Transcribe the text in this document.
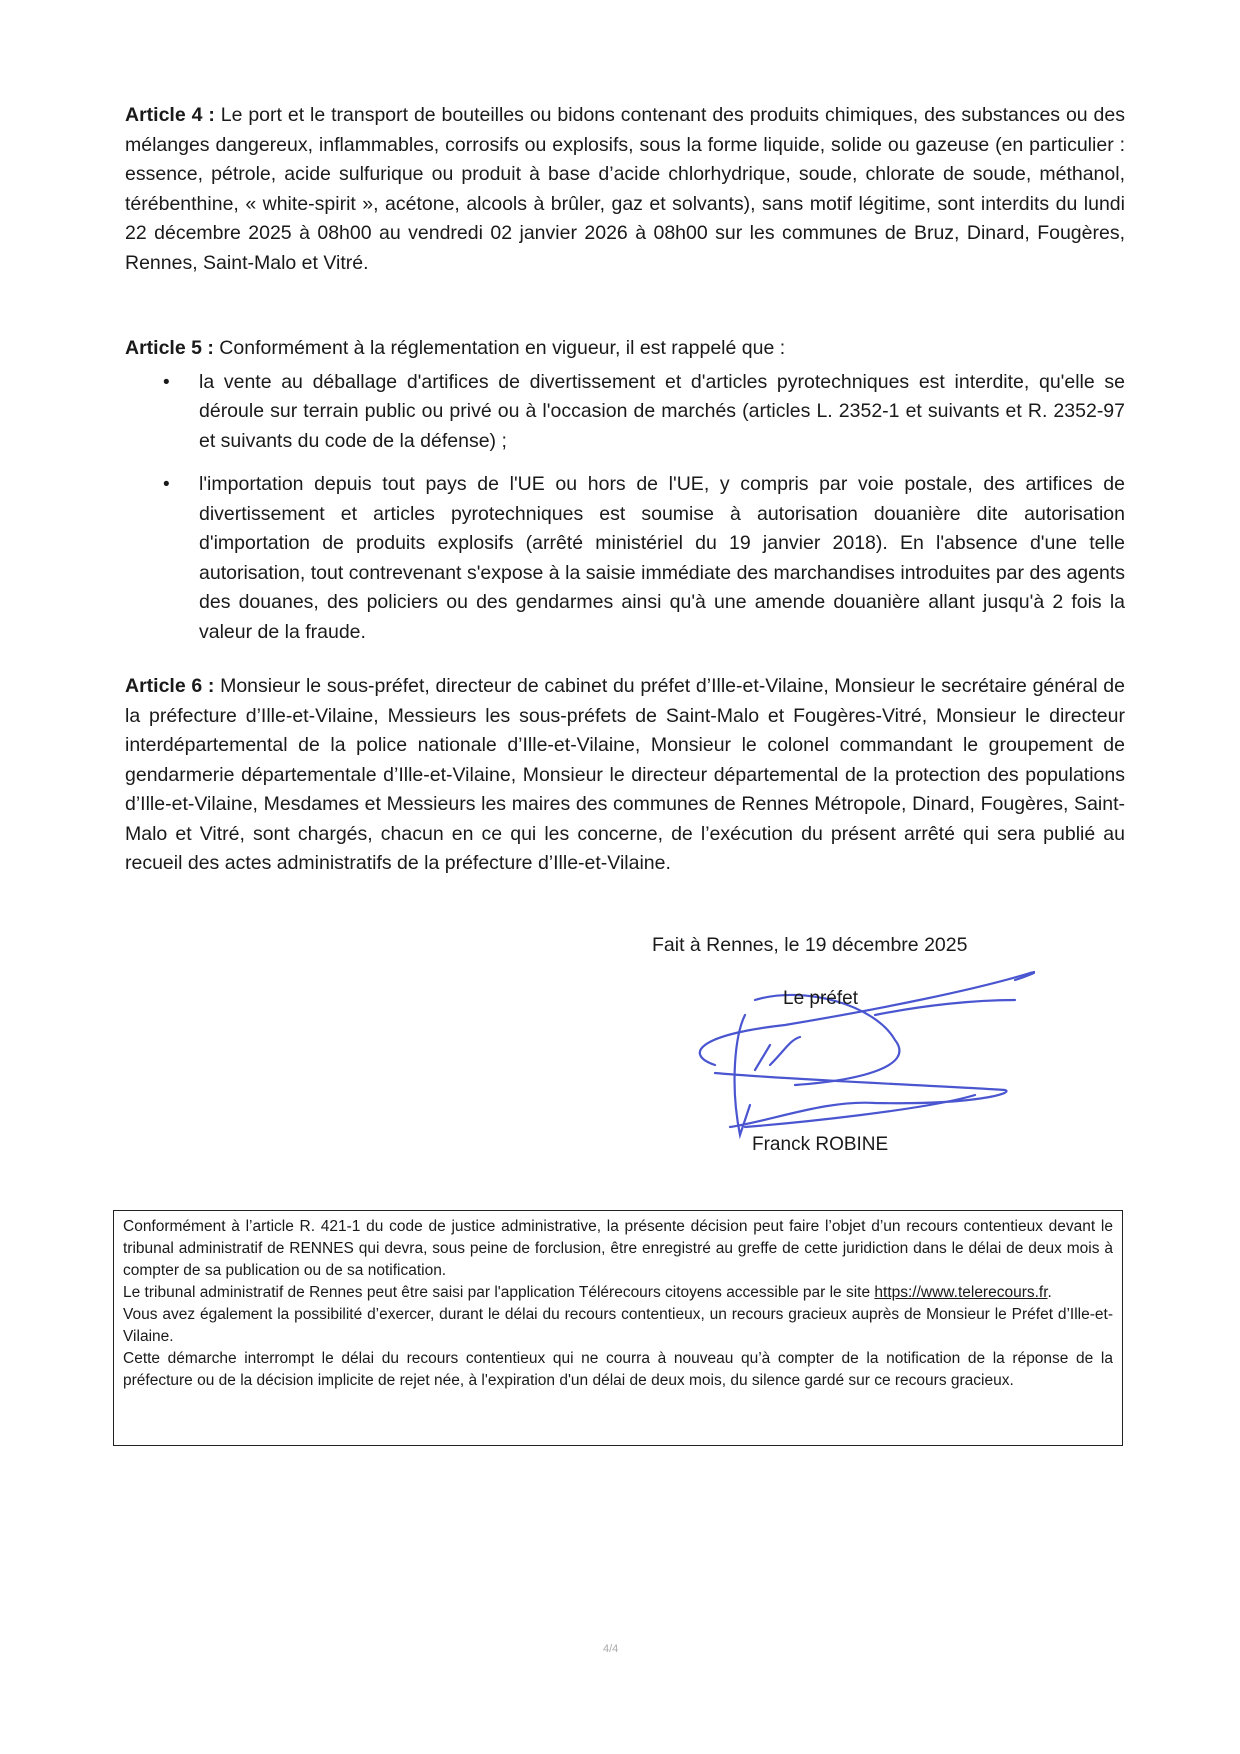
Article 4 : Le port et le transport de bouteilles ou bidons contenant des produits chimiques, des substances ou des mélanges dangereux, inflammables, corrosifs ou explosifs, sous la forme liquide, solide ou gazeuse (en particulier : essence, pétrole, acide sulfurique ou produit à base d’acide chlorhydrique, soude, chlorate de soude, méthanol, térébenthine, « white-spirit », acétone, alcools à brûler, gaz et solvants), sans motif légitime, sont interdits du lundi 22 décembre 2025 à 08h00 au vendredi 02 janvier 2026 à 08h00 sur les communes de Bruz, Dinard, Fougères, Rennes, Saint-Malo et Vitré.
Article 5 : Conformément à la réglementation en vigueur, il est rappelé que :
• la vente au déballage d'artifices de divertissement et d'articles pyrotechniques est interdite, qu'elle se déroule sur terrain public ou privé ou à l'occasion de marchés (articles L. 2352-1 et suivants et R. 2352-97 et suivants du code de la défense) ;
• l'importation depuis tout pays de l'UE ou hors de l'UE, y compris par voie postale, des artifices de divertissement et articles pyrotechniques est soumise à autorisation douanière dite autorisation d'importation de produits explosifs (arrêté ministériel du 19 janvier 2018). En l'absence d'une telle autorisation, tout contrevenant s'expose à la saisie immédiate des marchandises introduites par des agents des douanes, des policiers ou des gendarmes ainsi qu'à une amende douanière allant jusqu'à 2 fois la valeur de la fraude.
Article 6 : Monsieur le sous-préfet, directeur de cabinet du préfet d’Ille-et-Vilaine, Monsieur le secrétaire général de la préfecture d’Ille-et-Vilaine, Messieurs les sous-préfets de Saint-Malo et Fougères-Vitré, Monsieur le directeur interdépartemental de la police nationale d’Ille-et-Vilaine, Monsieur le colonel commandant le groupement de gendarmerie départementale d’Ille-et-Vilaine, Monsieur le directeur départemental de la protection des populations d’Ille-et-Vilaine, Mesdames et Messieurs les maires des communes de Rennes Métropole, Dinard, Fougères, Saint-Malo et Vitré, sont chargés, chacun en ce qui les concerne, de l’exécution du présent arrêté qui sera publié au recueil des actes administratifs de la préfecture d’Ille-et-Vilaine.
Fait à Rennes, le 19 décembre 2025
Le préfet
Franck ROBINE

Conformément à l’article R. 421-1 du code de justice administrative, la présente décision peut faire l’objet d’un recours contentieux devant le tribunal administratif de RENNES qui devra, sous peine de forclusion, être enregistré au greffe de cette juridiction dans le délai de deux mois à compter de sa publication ou de sa notification.

Le tribunal administratif de Rennes peut être saisi par l'application Télérecours citoyens accessible par le site https://www.telerecours.fr.

Vous avez également la possibilité d’exercer, durant le délai du recours contentieux, un recours gracieux auprès de Monsieur le Préfet d’Ille-et-Vilaine.

Cette démarche interrompt le délai du recours contentieux qui ne courra à nouveau qu’à compter de la notification de la réponse de la préfecture ou de la décision implicite de rejet née, à l'expiration d'un délai de deux mois, du silence gardé sur ce recours gracieux.

4/4
